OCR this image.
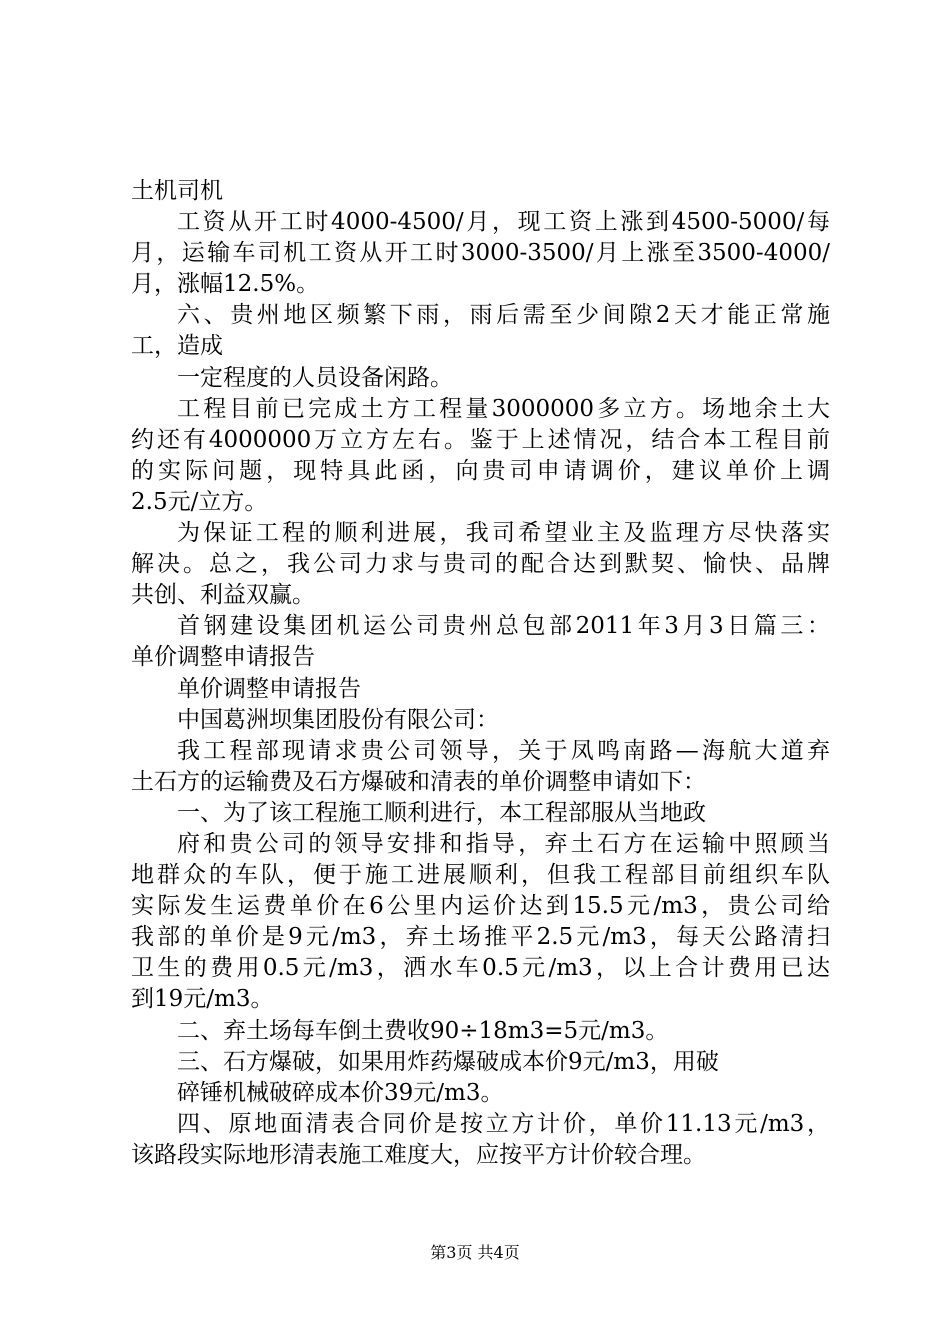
土机司机
工资从开工时4000-4500/月，现工资上涨到4500-5000/每
月，运输车司机工资从开工时3000-3500/月上涨至3500-4000/
月，涨幅12.5%。
六、贵州地区频繁下雨，雨后需至少间隙2天才能正常施
工，造成
一定程度的人员设备闲路。
工程目前已完成土方工程量3000000多立方。场地余土大
约还有4000000万立方左右。鉴于上述情况，结合本工程目前
的实际问题，现特具此函，向贵司申请调价，建议单价上调
2.5元/立方。
为保证工程的顺利进展，我司希望业主及监理方尽快落实
解决。总之，我公司力求与贵司的配合达到默契、愉快、品牌
共创、利益双赢。
首钢建设集团机运公司贵州总包部2011年3月3日篇三：
单价调整申请报告
单价调整申请报告
中国葛洲坝集团股份有限公司：
我工程部现请求贵公司领导，关于凤鸣南路—海航大道弃
土石方的运输费及石方爆破和清表的单价调整申请如下：
一、为了该工程施工顺利进行，本工程部服从当地政
府和贵公司的领导安排和指导，弃土石方在运输中照顾当
地群众的车队，便于施工进展顺利，但我工程部目前组织车队
实际发生运费单价在6公里内运价达到15.5元/m3，贵公司给
我部的单价是9元/m3，弃土场推平2.5元/m3，每天公路清扫
卫生的费用0.5元/m3，洒水车0.5元/m3，以上合计费用已达
到19元/m3。
二、弃土场每车倒土费收90÷18m3=5元/m3。
三、石方爆破，如果用炸药爆破成本价9元/m3，用破
碎锤机械破碎成本价39元/m3。
四、原地面清表合同价是按立方计价，单价11.13元/m3，
该路段实际地形清表施工难度大，应按平方计价较合理。
第3页 共4页
